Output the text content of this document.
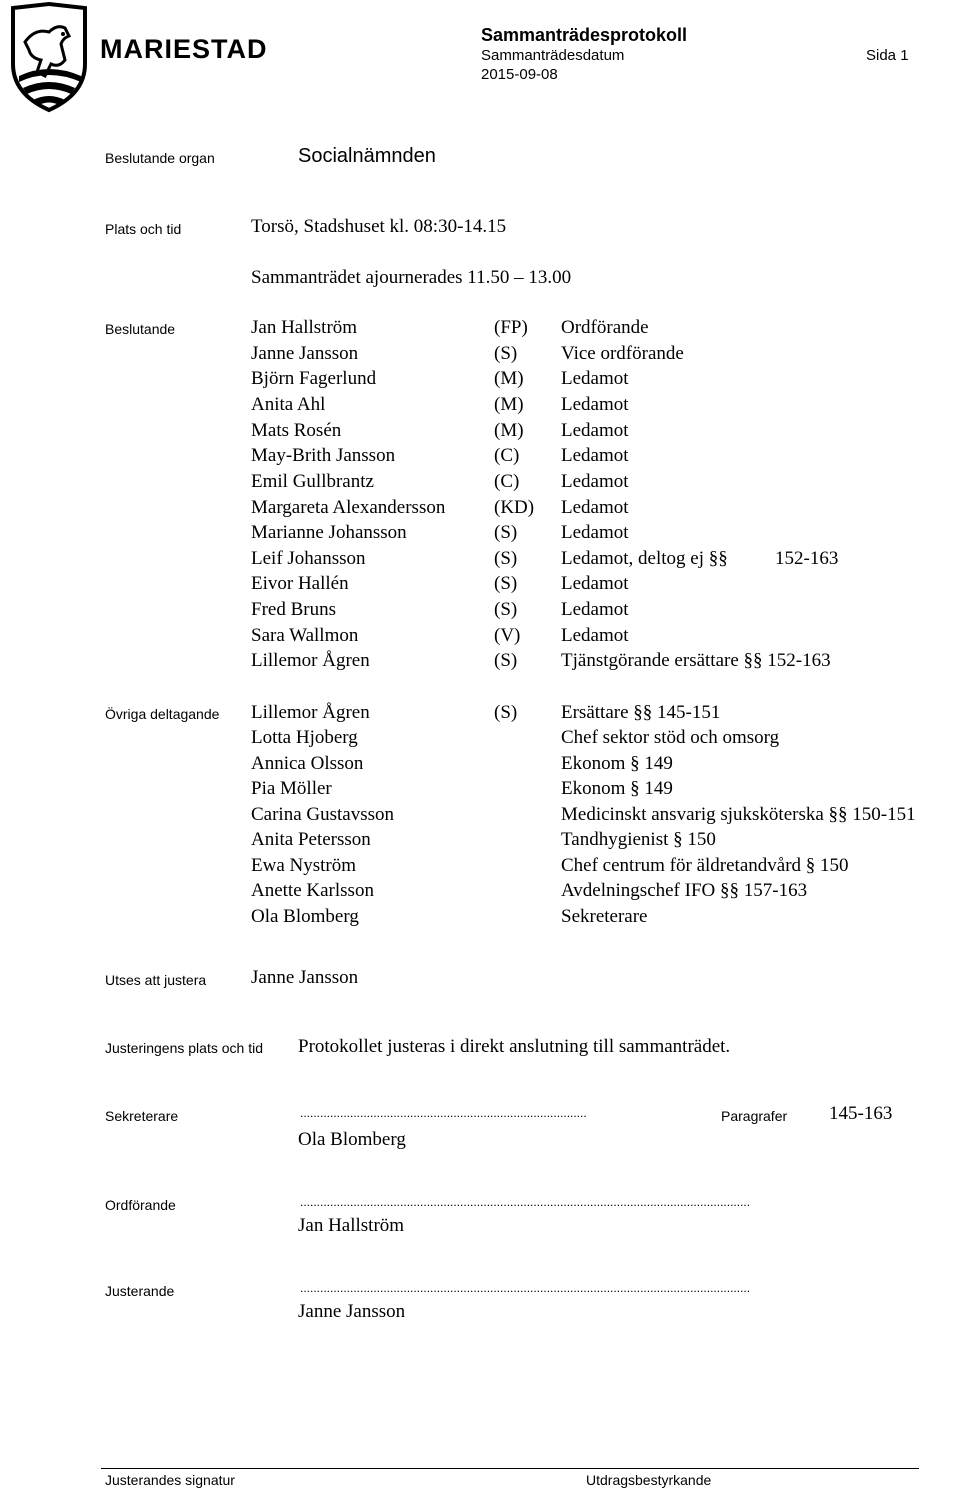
MARIESTAD	Sammanträdesprotokoll
Sammanträdesdatum
2015-09-08
Sida 1
Beslutande organ	Socialnämnden
Plats och tid	Torsö, Stadshuset kl. 08:30-14.15
Sammanträdet ajournerades 11.50 – 13.00
Beslutande	Jan Hallström	(FP) Ordförande
Janne Jansson	(S) Vice ordförande
Björn Fagerlund	(M) Ledamot
Anita Ahl	(M) Ledamot
Mats Rosén	(M) Ledamot
May-Brith Jansson	(C) Ledamot
Emil Gullbrantz	(C) Ledamot
Margareta Alexandersson	(KD) Ledamot
Marianne Johansson	(S) Ledamot
Leif Johansson	(S) Ledamot, deltog ej §§ 152-163
Eivor Hallén	(S) Ledamot
Fred Bruns	(S) Ledamot
Sara Wallmon	(V) Ledamot
Lillemor Ågren	(S) Tjänstgörande ersättare §§ 152-163
Övriga deltagande Lillemor Ågren	(S) Ersättare §§ 145-151
Lotta Hjoberg	Chef sektor stöd och omsorg
Annica Olsson	Ekonom § 149
Pia Möller	Ekonom § 149
Carina Gustavsson	Medicinskt ansvarig sjuksköterska §§ 150-151
Anita Petersson	Tandhygienist § 150
Ewa Nyström	Chef centrum för äldretandvård § 150
Anette Karlsson	Avdelningschef IFO §§ 157-163
Ola Blomberg	Sekreterare
Utses att justera Janne Jansson
Justeringens plats och tid Protokollet justeras i direkt anslutning till sammanträdet.
Sekreterare	......................................................................................	Paragrafer 145-163
Ola Blomberg
Ordförande	.......................................................................................................................................
Jan Hallström
Justerande	.......................................................................................................................................
Janne Jansson
Justerandes signatur	Utdragsbestyrkande
